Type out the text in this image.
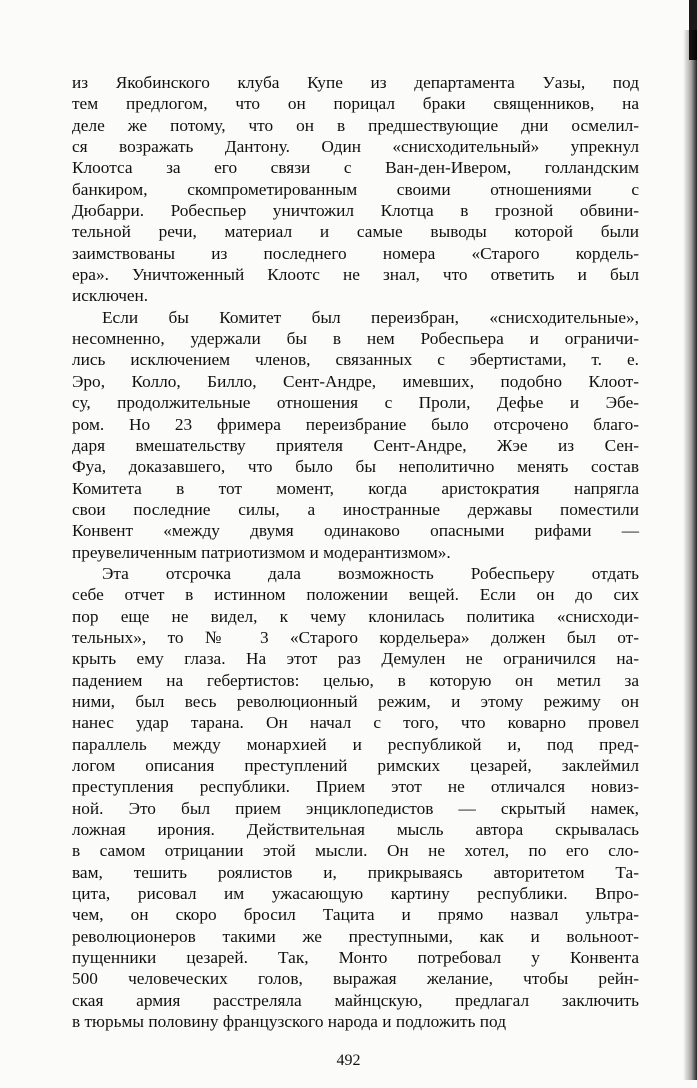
из Якобинского клуба Купе из департамента Уазы, под
тем предлогом, что он порицал браки священников, на
деле же потому, что он в предшествующие дни осмелил-
ся возражать Дантону. Один «снисходительный» упрекнул
Клоотса за его связи с Ван-ден-Ивером, голландским
банкиром, скомпрометированным своими отношениями с
Дюбарри. Робеспьер уничтожил Клотца в грозной обвини-
тельной речи, материал и самые выводы которой были
заимствованы из последнего номера «Старого кордель-
ера». Уничтоженный Клоотс не знал, что ответить и был
исключен.
Если бы Комитет был переизбран, «снисходительные»,
несомненно, удержали бы в нем Робеспьера и ограничи-
лись исключением членов, связанных с эбертистами, т. е.
Эро, Колло, Билло, Сент-Андре, имевших, подобно Клоот-
су, продолжительные отношения с Проли, Дефье и Эбе-
ром. Но 23 фримера переизбрание было отсрочено благо-
даря вмешательству приятеля Сент-Андре, Жэе из Сен-
Фуа, доказавшего, что было бы неполитично менять состав
Комитета в тот момент, когда аристократия напрягла
свои последние силы, а иностранные державы поместили
Конвент «между двумя одинаково опасными рифами —
преувеличенным патриотизмом и модерантизмом».
Эта отсрочка дала возможность Робеспьеру отдать
себе отчет в истинном положении вещей. Если он до сих
пор еще не видел, к чему клонилась политика «снисходи-
тельных», то № 3 «Старого кордельера» должен был от-
крыть ему глаза. На этот раз Демулен не ограничился на-
падением на гебертистов: целью, в которую он метил за
ними, был весь революционный режим, и этому режиму он
нанес удар тарана. Он начал с того, что коварно провел
параллель между монархией и республикой и, под пред-
логом описания преступлений римских цезарей, заклеймил
преступления республики. Прием этот не отличался новиз-
ной. Это был прием энциклопедистов — скрытый намек,
ложная ирония. Действительная мысль автора скрывалась
в самом отрицании этой мысли. Он не хотел, по его сло-
вам, тешить роялистов и, прикрываясь авторитетом Та-
цита, рисовал им ужасающую картину республики. Впро-
чем, он скоро бросил Тацита и прямо назвал ультра-
революционеров такими же преступными, как и вольноот-
пущенники цезарей. Так, Монто потребовал у Конвента
500 человеческих голов, выражая желание, чтобы рейн-
ская армия расстреляла майнцскую, предлагал заключить
в тюрьмы половину французского народа и подложить под
492
